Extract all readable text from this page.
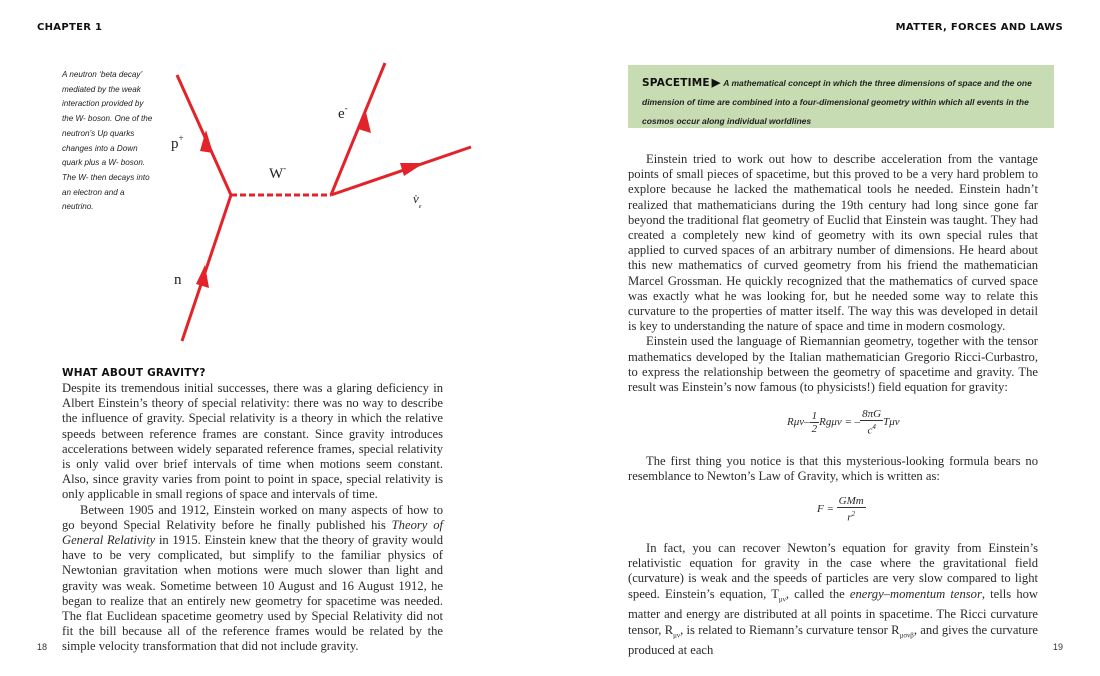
CHAPTER 1	MATTER, FORCES AND LAWS
A neutron ‘beta decay’ mediated by the weak interaction provided by the W- boson. One of the neutron’s Up quarks changes into a Down quark plus a W- boson. The W- then decays into an electron and a neutrino.
p+
n
W-
e-
$v̇_e$
WHAT ABOUT GRAVITY?

Despite its tremendous initial successes, there was a glaring deficiency in Albert Einstein’s theory of special relativity: there was no way to describe the influence of gravity. Special relativity is a theory in which the relative speeds between reference frames are constant. Since gravity introduces accelerations between widely separated reference frames, special relativity is only valid over brief intervals of time when motions seem constant. Also, since gravity varies from point to point in space, special relativity is only applicable in small regions of space and intervals of time.

Between 1905 and 1912, Einstein worked on many aspects of how to go beyond Special Relativity before he finally published his Theory of General Relativity in 1915. Einstein knew that the theory of gravity would have to be very complicated, but simplify to the familiar physics of Newtonian gravitation when motions were much slower than light and gravity was weak. Sometime between 10 August and 16 August 1912, he began to realize that an entirely new geometry for spacetime was needed. The flat Euclidean spacetime geometry used by Special Relativity did not fit the bill because all of the reference frames would be related by the simple velocity transformation that did not include gravity.

SPACETIME ▶ A mathematical concept in which the three dimensions of space and the one dimension of time are combined into a four-dimensional geometry within which all events in the cosmos occur along individual worldlines

Einstein tried to work out how to describe acceleration from the vantage points of small pieces of spacetime, but this proved to be a very hard problem to explore because he lacked the mathematical tools he needed. Einstein hadn’t realized that mathematicians during the 19th century had long since gone far beyond the traditional flat geometry of Euclid that Einstein was taught. They had created a completely new kind of geometry with its own special rules that applied to curved spaces of an arbitrary number of dimensions. He heard about this new mathematics of curved geometry from his friend the mathematician Marcel Grossman. He quickly recognized that the mathematics of curved space was exactly what he was looking for, but he needed some way to relate this curvature to the properties of matter itself. The way this was developed in detail is key to understanding the nature of space and time in modern cosmology.

Einstein used the language of Riemannian geometry, together with the tensor mathematics developed by the Italian mathematician Gregorio Ricci-Curbastro, to express the relationship between the geometry of spacetime and gravity. The result was Einstein’s now famous (to physicists!) field equation for gravity:

$R\mu\nu- \frac{1}{2}$ Rgμν = – $\frac{8\pi G}{c^4}$ Tμν

The first thing you notice is that this mysterious-looking formula bears no resemblance to Newton’s Law of Gravity, which is written as:

$F = \frac{\text{GMm}}{r^2}$

In fact, you can recover Newton’s equation for gravity from Einstein’s relativistic equation for gravity in the case where the gravitational field (curvature) is weak and the speeds of particles are very slow compared to light speed. Einstein’s equation, $T_{\mu\nu}$, called the energy–momentum tensor, tells how matter and energy are distributed at all points in spacetime. The Ricci curvature tensor, $R_{\mu\nu}$, is related to Riemann’s curvature tensor $R_{\mu\sigma\nu\beta}$, and gives the curvature produced at each

18	19
